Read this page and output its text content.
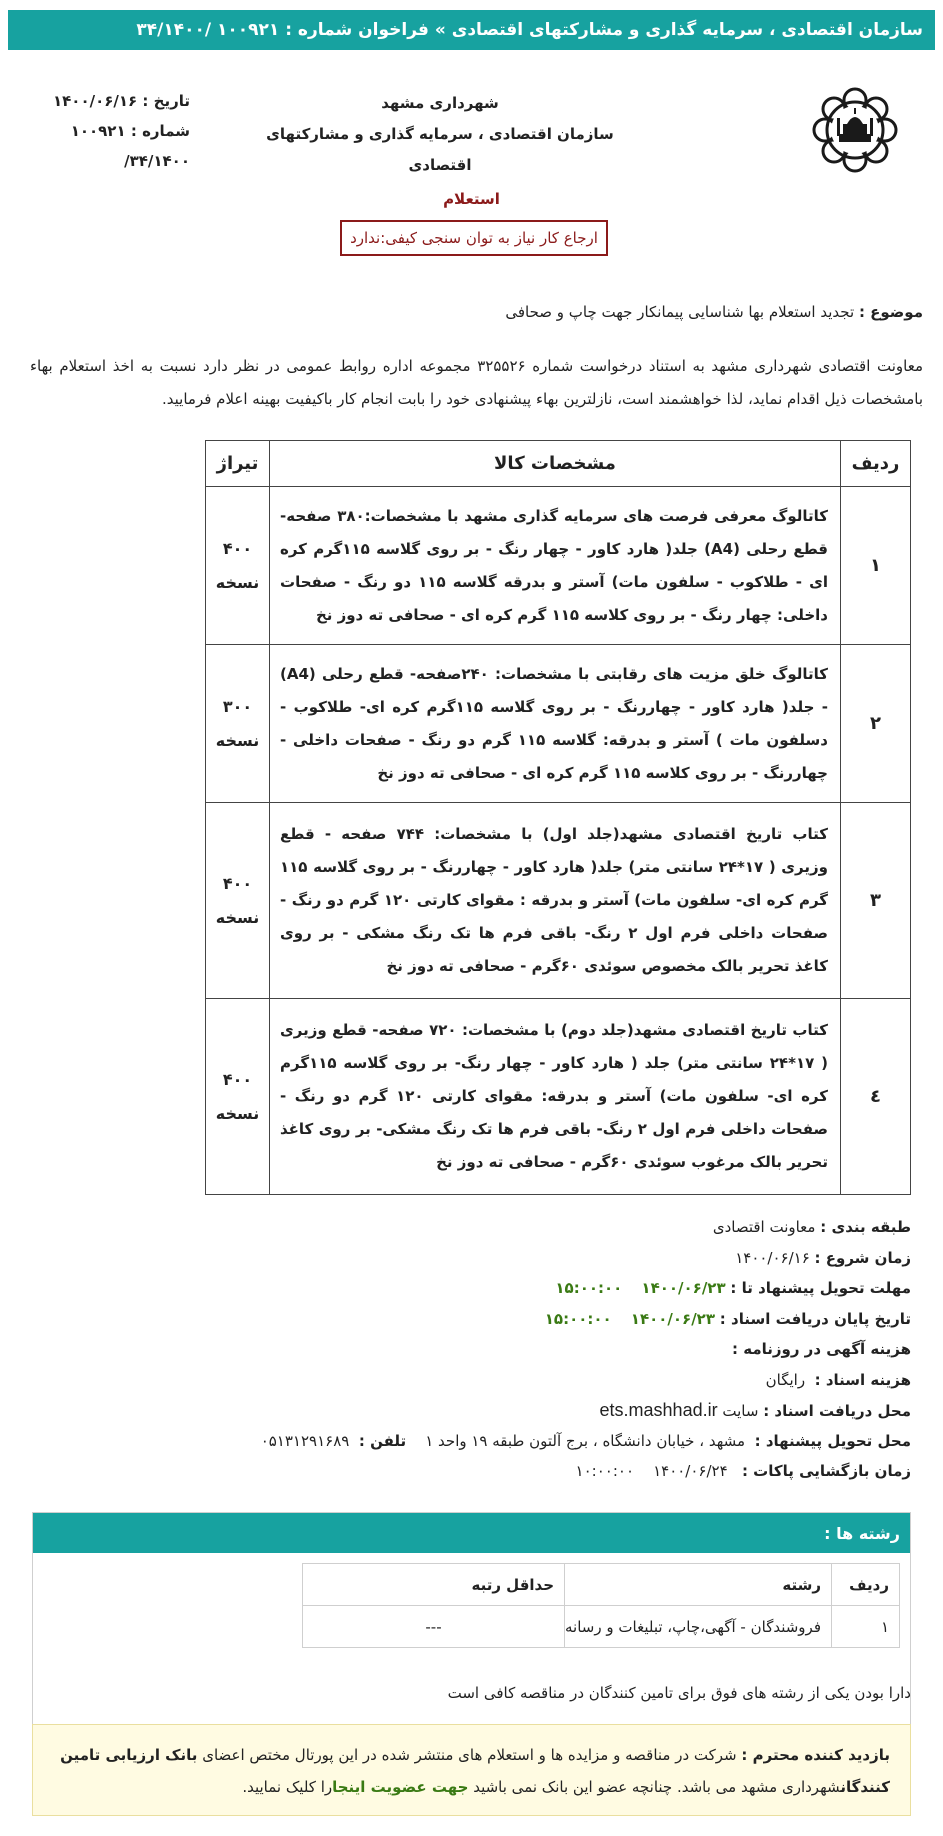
سازمان اقتصادی ، سرمایه گذاری و مشارکتهای اقتصادی » فراخوان شماره : ۱۰۰۹۲۱ /۳۴/۱۴۰۰
شهرداری مشهد
سازمان اقتصادی ، سرمایه گذاری و مشارکتهای اقتصادی
تاریخ : ۱۴۰۰/۰۶/۱۶
شماره : ۱۰۰۹۲۱
۳۴/۱۴۰۰/
استعلام
ارجاع کار نیاز به توان سنجی کیفی:ندارد
موضوع : تجدید استعلام بها شناسایی پیمانکار جهت چاپ و صحافی
معاونت اقتصادی شهرداری مشهد به استناد درخواست شماره ۳۲۵۵۲۶ مجموعه اداره روابط عمومی در نظر دارد نسبت به اخذ استعلام بهاء بامشخصات ذیل اقدام نماید، لذا خواهشمند است، نازلترین بهاء پیشنهادی خود را بابت انجام کار باکیفیت بهینه اعلام فرمایید.
ردیف	مشخصات کالا	تیراژ
۱	کاتالوگ معرفی فرصت های سرمایه گذاری مشهد با مشخصات:۳۸۰ صفحه- قطع رحلی (A4) جلد( هارد کاور - چهار رنگ - بر روی گلاسه ۱۱۵گرم کره ای - طلاکوب - سلفون مات) آستر و بدرقه گلاسه ۱۱۵ دو رنگ - صفحات داخلی: چهار رنگ - بر روی کلاسه ۱۱۵ گرم کره ای - صحافی ته دوز نخ	۴۰۰
نسخه

۲	کاتالوگ خلق مزیت های رقابتی با مشخصات: ۲۴۰صفحه- قطع رحلی (A4) - جلد( هارد کاور - چهاررنگ - بر روی گلاسه ۱۱۵گرم کره ای- طلاکوب - دسلفون مات ) آستر و بدرقه: گلاسه ۱۱۵ گرم دو رنگ - صفحات داخلی - چهاررنگ - بر روی کلاسه ۱۱۵ گرم کره ای - صحافی ته دوز نخ	۳۰۰
نسخه

۳	کتاب تاریخ اقتصادی مشهد(جلد اول) با مشخصات: ۷۴۴ صفحه - قطع وزیری ( ۱۷*۲۴ سانتی متر) جلد( هارد کاور - چهاررنگ - بر روی گلاسه ۱۱۵ گرم کره ای- سلفون مات) آستر و بدرقه : مقوای کارتی ۱۲۰ گرم دو رنگ - صفحات داخلی فرم اول ۲ رنگ- باقی فرم ها تک رنگ مشکی - بر روی کاغذ تحریر بالک مخصوص سوئدی ۶۰گرم - صحافی ته دوز نخ	۴۰۰
نسخه

٤	کتاب تاریخ اقتصادی مشهد(جلد دوم) با مشخصات: ۷۲۰ صفحه- قطع وزیری ( ۱۷*۲۴ سانتی متر) جلد ( هارد کاور - چهار رنگ- بر روی گلاسه ۱۱۵گرم کره ای- سلفون مات) آستر و بدرقه: مقوای کارتی ۱۲۰ گرم دو رنگ - صفحات داخلی فرم اول ۲ رنگ- باقی فرم ها تک رنگ مشکی- بر روی کاغذ تحریر بالک مرغوب سوئدی ۶۰گرم - صحافی ته دوز نخ	۴۰۰
نسخه
طبقه بندی : معاونت اقتصادی
زمان شروع : ۱۴۰۰/۰۶/۱۶
مهلت تحویل پیشنهاد تا : ۱۴۰۰/۰۶/۲۳    ۱۵:۰۰:۰۰
تاریخ پایان دریافت اسناد : ۱۴۰۰/۰۶/۲۳    ۱۵:۰۰:۰۰
هزینه آگهی در روزنامه :
هزینه اسناد :  رایگان
محل دریافت اسناد : سایت ets.mashhad.ir
محل تحویل پیشنهاد :  مشهد ، خیابان دانشگاه ، برج آلتون طبقه ۱۹ واحد ۱    تلفن :  ۰۵۱۳۱۲۹۱۶۸۹
زمان بازگشایی پاکات :   ۱۴۰۰/۰۶/۲۴    ۱۰:۰۰:۰۰
رشته ها :
ردیف	رشته	حداقل رتبه
۱	فروشندگان - آگهی،چاپ، تبلیغات و رسانه	---
دارا بودن یکی از رشته های فوق برای تامین کنندگان در مناقصه کافی است
بازدید کننده محترم : شرکت در مناقصه و مزایده ها و استعلام های منتشر شده در این پورتال مختص اعضای بانک ارزیابی تامین کنندگانشهرداری مشهد می باشد. چنانچه عضو این بانک نمی باشید جهت عضویت اینجارا کلیک نمایید.
